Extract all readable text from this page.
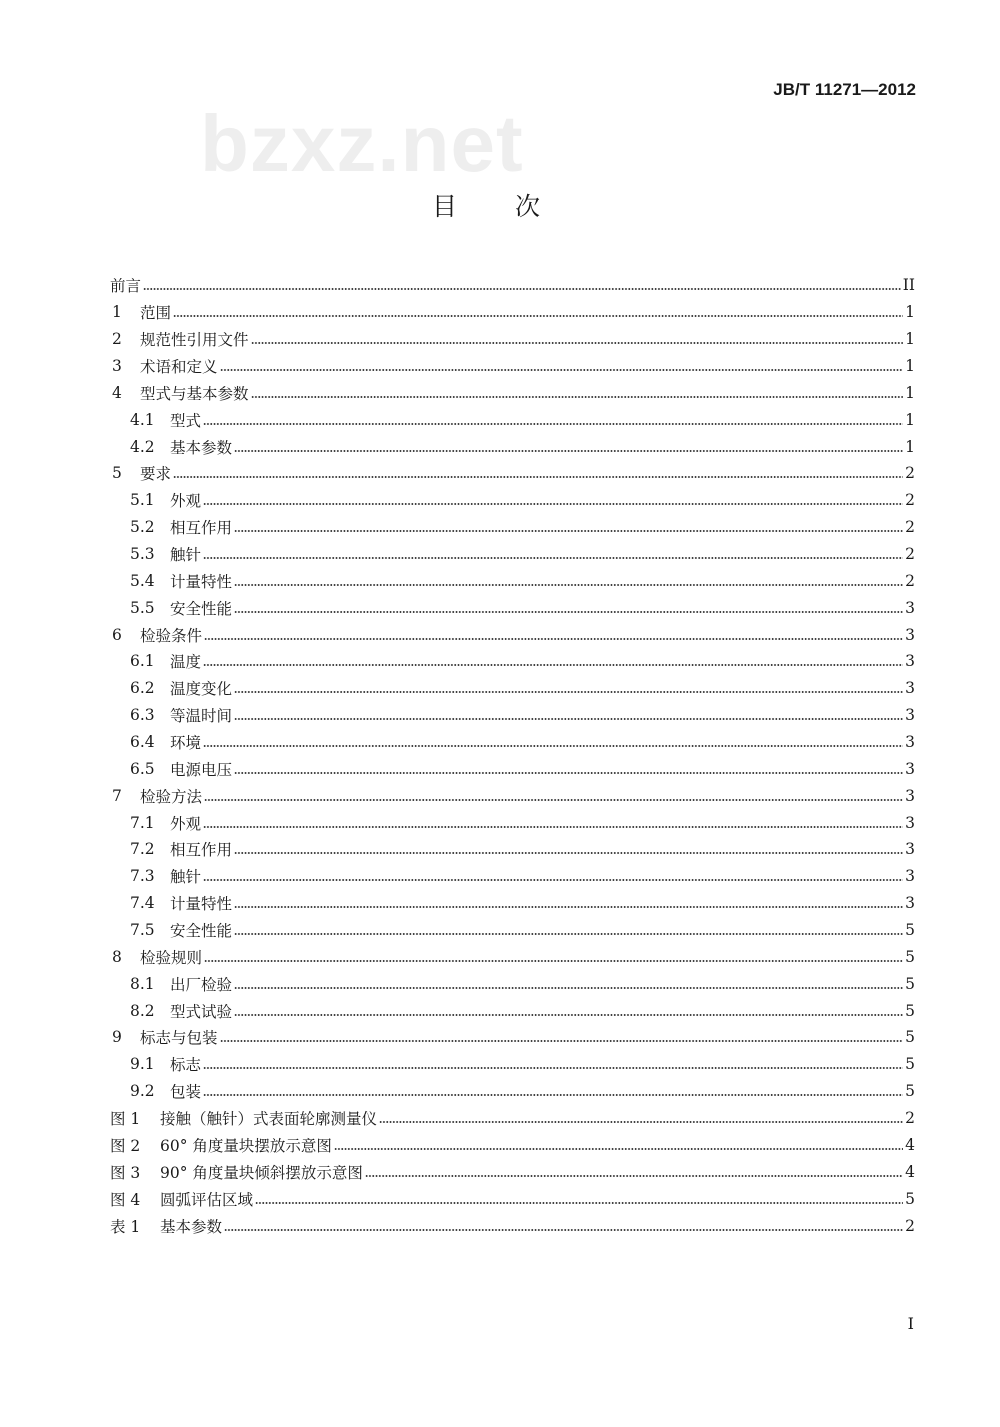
bzxz.net
JB/T 11271—2012
目次
前言	II
1	范围	1
2	规范性引用文件	1
3	术语和定义	1
4	型式与基本参数	1
4.1 型式	1
4.2 基本参数	1
5	要求	2
5.1 外观	2
5.2 相互作用	2
5.3 触针	2
5.4 计量特性	2
5.5 安全性能	3
6	检验条件	3
6.1 温度	3
6.2 温度变化	3
6.3 等温时间	3
6.4 环境	3
6.5 电源电压	3
7	检验方法	3
7.1 外观	3
7.2 相互作用	3
7.3 触针	3
7.4 计量特性	3
7.5 安全性能	5
8	检验规则	5
8.1 出厂检验	5
8.2 型式试验	5
9	标志与包装	5
9.1 标志	5
9.2 包装	5
图 1	接触（触针）式表面轮廓测量仪	2
图 2	60° 角度量块摆放示意图	4
图 3	90° 角度量块倾斜摆放示意图	4
图 4	圆弧评估区域	5
表 1	基本参数	2
I
